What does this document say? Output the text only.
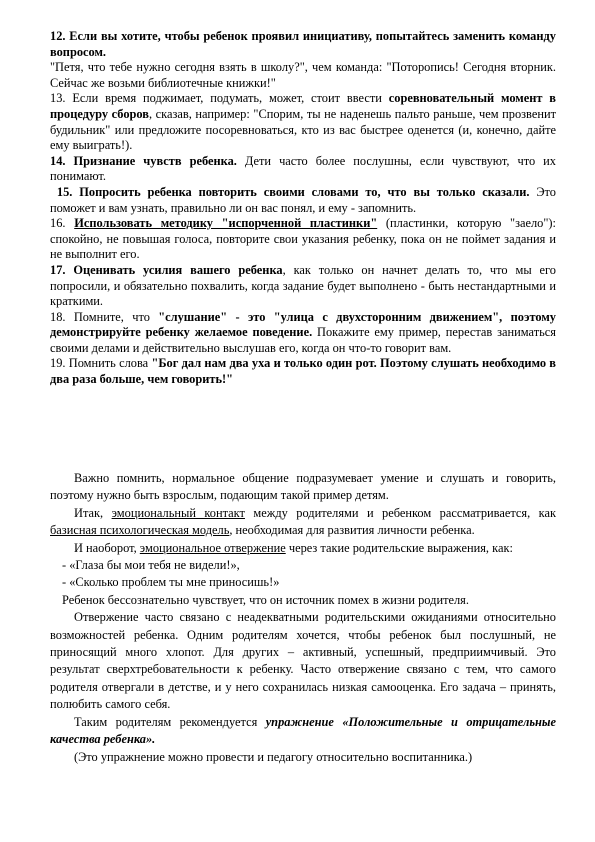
12. Если вы хотите, чтобы ребенок проявил инициативу, попытайтесь заменить команду вопросом.
"Петя, что тебе нужно сегодня взять в школу?", чем команда: "Поторопись! Сегодня вторник. Сейчас же возьми библиотечные книжки!"

13. Если время поджимает, подумать, может, стоит ввести соревновательный момент в процедуру сборов, сказав, например: "Спорим, ты не наденешь пальто раньше, чем прозвенит будильник" или предложите посоревноваться, кто из вас быстрее оденется (и, конечно, дайте ему выиграть!).

14. Признание чувств ребенка. Дети часто более послушны, если чувствуют, что их понимают.

15. Попросить ребенка повторить своими словами то, что вы только сказали. Это поможет и вам узнать, правильно ли он вас понял, и ему - запомнить.

16. Использовать методику "испорченной пластинки" (пластинки, которую "заело"): спокойно, не повышая голоса, повторите свои указания ребенку, пока он не поймет задания и не выполнит его.

17. Оценивать усилия вашего ребенка, как только он начнет делать то, что мы его попросили, и обязательно похвалить, когда задание будет выполнено - быть нестандартными и краткими.

18. Помните, что "слушание" - это "улица с двухсторонним движением", поэтому демонстрируйте ребенку желаемое поведение. Покажите ему пример, перестав заниматься своими делами и действительно выслушав его, когда он что-то говорит вам.

19. Помнить слова "Бог дал нам два уха и только один рот. Поэтому слушать необходимо в два раза больше, чем говорить!"

Важно помнить, нормальное общение подразумевает умение и слушать и говорить, поэтому нужно быть взрослым, подающим такой пример детям.

Итак, эмоциональный контакт между родителями и ребенком рассматривается, как базисная психологическая модель, необходимая для развития личности ребенка.

И наоборот, эмоциональное отвержение через такие родительские выражения, как:

- «Глаза бы мои тебя не видели!»,

- «Сколько проблем ты мне приносишь!»

Ребенок бессознательно чувствует, что он источник помех в жизни родителя.

Отвержение часто связано с неадекватными родительскими ожиданиями относительно возможностей ребенка. Одним родителям хочется, чтобы ребенок был послушный, не приносящий много хлопот. Для других – активный, успешный, предприимчивый. Это результат сверхтребовательности к ребенку. Часто отвержение связано с тем, что самого родителя отвергали в детстве, и у него сохранилась низкая самооценка. Его задача – принять, полюбить самого себя.

Таким родителям рекомендуется упражнение «Положительные и отрицательные качества ребенка».

(Это упражнение можно провести и педагогу относительно воспитанника.)
